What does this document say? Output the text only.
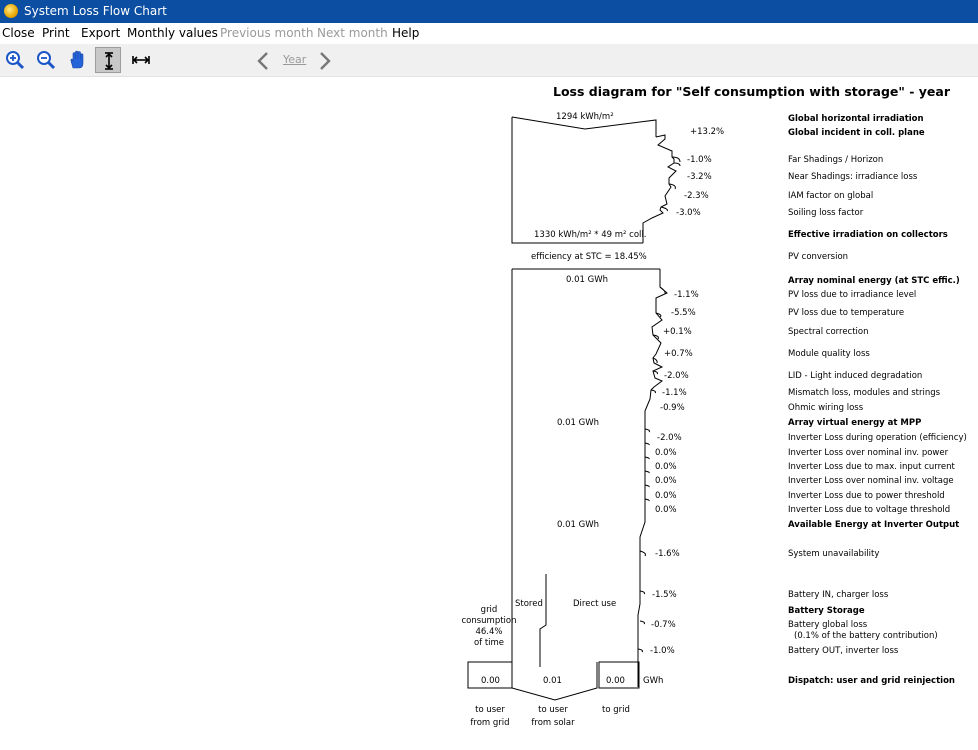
System Loss Flow Chart
Close Print Export Monthly values Previous month Next month Help
Year
Loss diagram for "Self consumption with storage" - year
1294 kWh/m²
+13.2%
1330 kWh/m² * 49 m² coll.
efficiency at STC = 18.45%
0.01 GWh
0.01 GWh
0.01 GWh
-1.0%
-3.2%
-2.3%
-3.0%
-1.1%
-5.5%
+0.1%
+0.7%
-2.0%
-1.1%
-0.9%
-2.0%
0.0%
0.0%
0.0%
0.0%
0.0%
-1.6%
-1.5%
-0.7%
-1.0%
Global horizontal irradiation
Global incident in coll. plane
Far Shadings / Horizon
Near Shadings: irradiance loss
IAM factor on global
Soiling loss factor
Effective irradiation on collectors
PV conversion
Array nominal energy (at STC effic.)
PV loss due to irradiance level
PV loss due to temperature
Spectral correction
Module quality loss
LID - Light induced degradation
Mismatch loss, modules and strings
Ohmic wiring loss
Array virtual energy at MPP
Inverter Loss during operation (efficiency)
Inverter Loss over nominal inv. power
Inverter Loss due to max. input current
Inverter Loss over nominal inv. voltage
Inverter Loss due to power threshold
Inverter Loss due to voltage threshold
Available Energy at Inverter Output
System unavailability
Battery IN, charger loss
Battery Storage
Battery global loss
(0.1% of the battery contribution)
Battery OUT, inverter loss
Dispatch: user and grid reinjection
Stored	Direct use
grid
consumption
46.4%
of time
0.00	0.01	0.00 GWh
to user
from grid
to user
from solar
to grid
